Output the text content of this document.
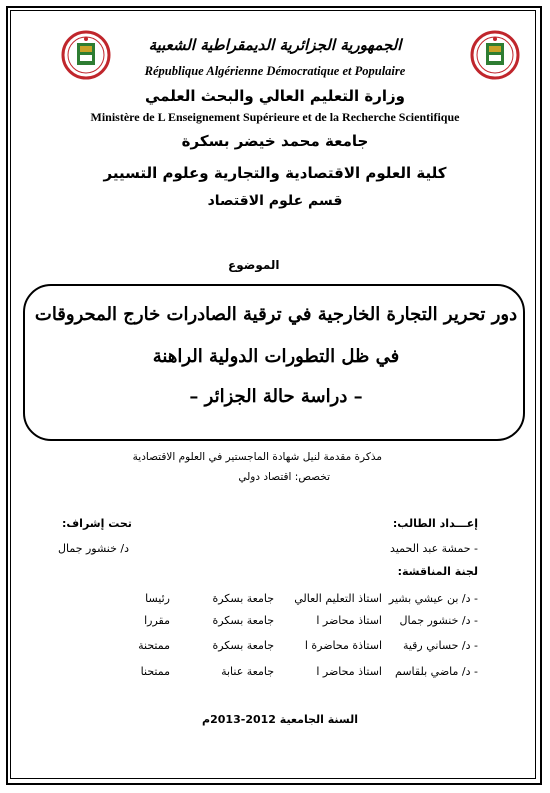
الجمهورية الجزائرية الديمقراطية الشعبية
République Algérienne Démocratique et Populaire
وزارة التعليم العالي والبحث العلمي
Ministère de L Enseignement Supérieure et de la Recherche Scientifique
جامعة محمد خيضر بسكرة
كلية العلوم الاقتصادية والتجارية وعلوم التسيير
قسم علوم الاقتصاد
الموضوع
دور تحرير التجارة الخارجية في ترقية الصادرات خارج المحروقات
في ظل التطورات الدولية الراهنة
– دراسة حالة الجزائر –
مذكرة مقدمة لنيل شهادة الماجستير في العلوم الاقتصادية
تخصص: اقتصاد دولي
إعـــداد الطالب:
- حمشة عبد الحميد
تحت إشراف:
د/ خنشور جمال
لجنة المناقشة:
- د/ بن عيشي بشير
استاذ التعليم العالي
جامعة بسكرة
رئيسا
- د/ خنشور جمال
استاذ محاضر ا
جامعة بسكرة
مقررا
- د/ حساني رقية
استاذة محاضرة ا
جامعة بسكرة
ممتحنة
- د/ ماضي بلقاسم
استاذ محاضر ا
جامعة عنابة
ممتحنا
السنة الجامعية 2012-2013م
